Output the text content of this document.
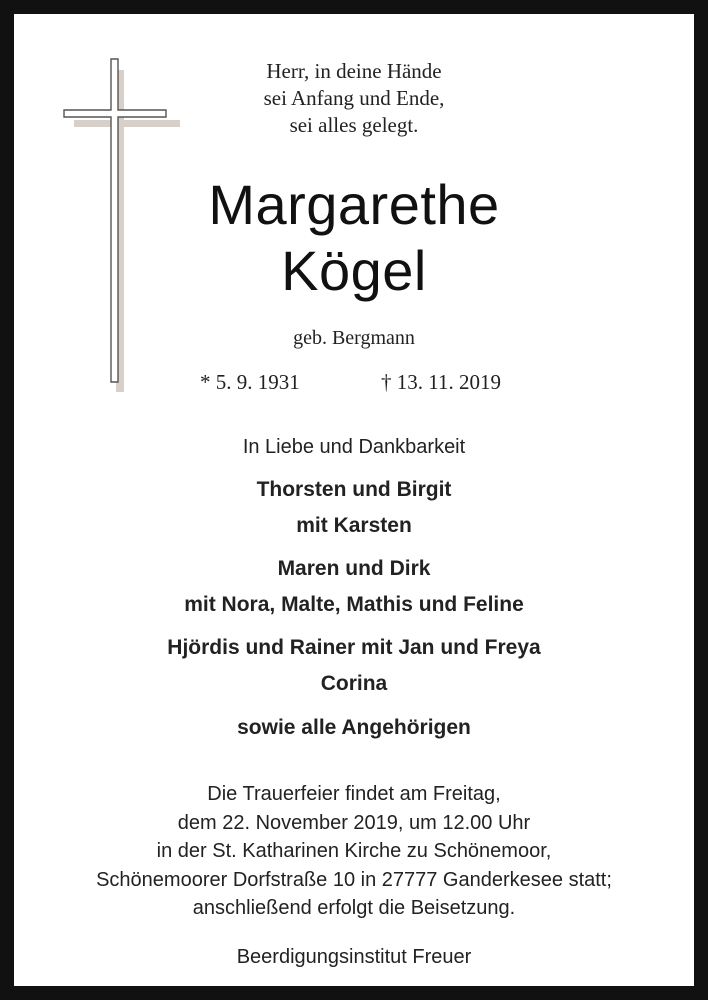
Herr, in deine Hände
sei Anfang und Ende,
sei alles gelegt.
Margarethe
Kögel
geb. Bergmann
* 5. 9. 1931	† 13. 11. 2019
In Liebe und Dankbarkeit
Thorsten und Birgit
mit Karsten
Maren und Dirk
mit Nora, Malte, Mathis und Feline
Hjördis und Rainer mit Jan und Freya
Corina
sowie alle Angehörigen
Die Trauerfeier findet am Freitag,
dem 22. November 2019, um 12.00 Uhr
in der St. Katharinen Kirche zu Schönemoor,
Schönemoorer Dorfstraße 10 in 27777 Ganderkesee statt;
anschließend erfolgt die Beisetzung.
Beerdigungsinstitut Freuer
